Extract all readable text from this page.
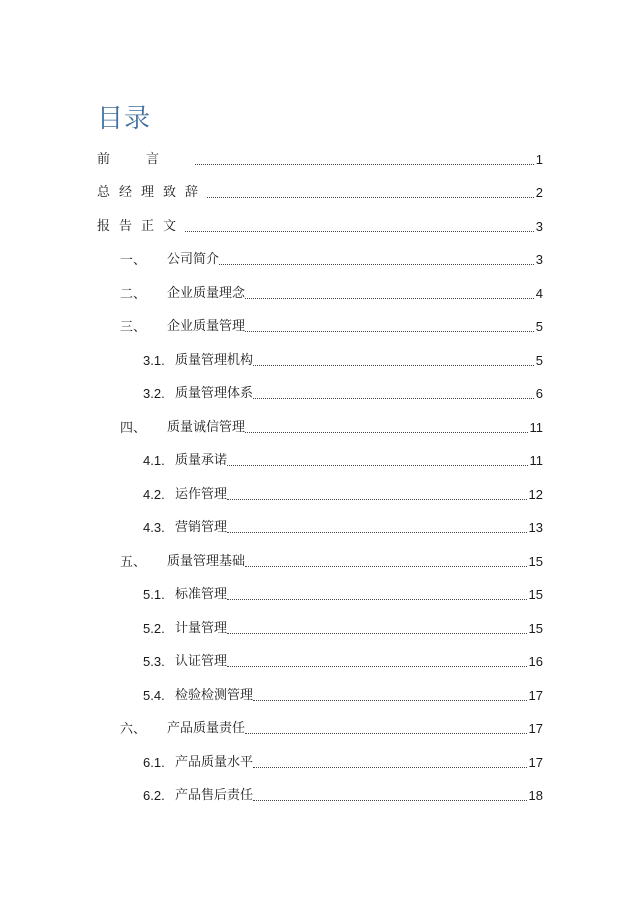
目录
前言	1
总经理致辞	2
报告正文	3
一、	公司简介	3
二、	企业质量理念	4
三、	企业质量管理	5
3.1. 质量管理机构	5
3.2. 质量管理体系	6
四、	质量诚信管理	11
4.1. 质量承诺	11
4.2. 运作管理	12
4.3. 营销管理	13
五、	质量管理基础	15
5.1. 标准管理	15
5.2. 计量管理	15
5.3. 认证管理	16
5.4. 检验检测管理	17
六、	产品质量责任	17
6.1. 产品质量水平	17
6.2. 产品售后责任	18
